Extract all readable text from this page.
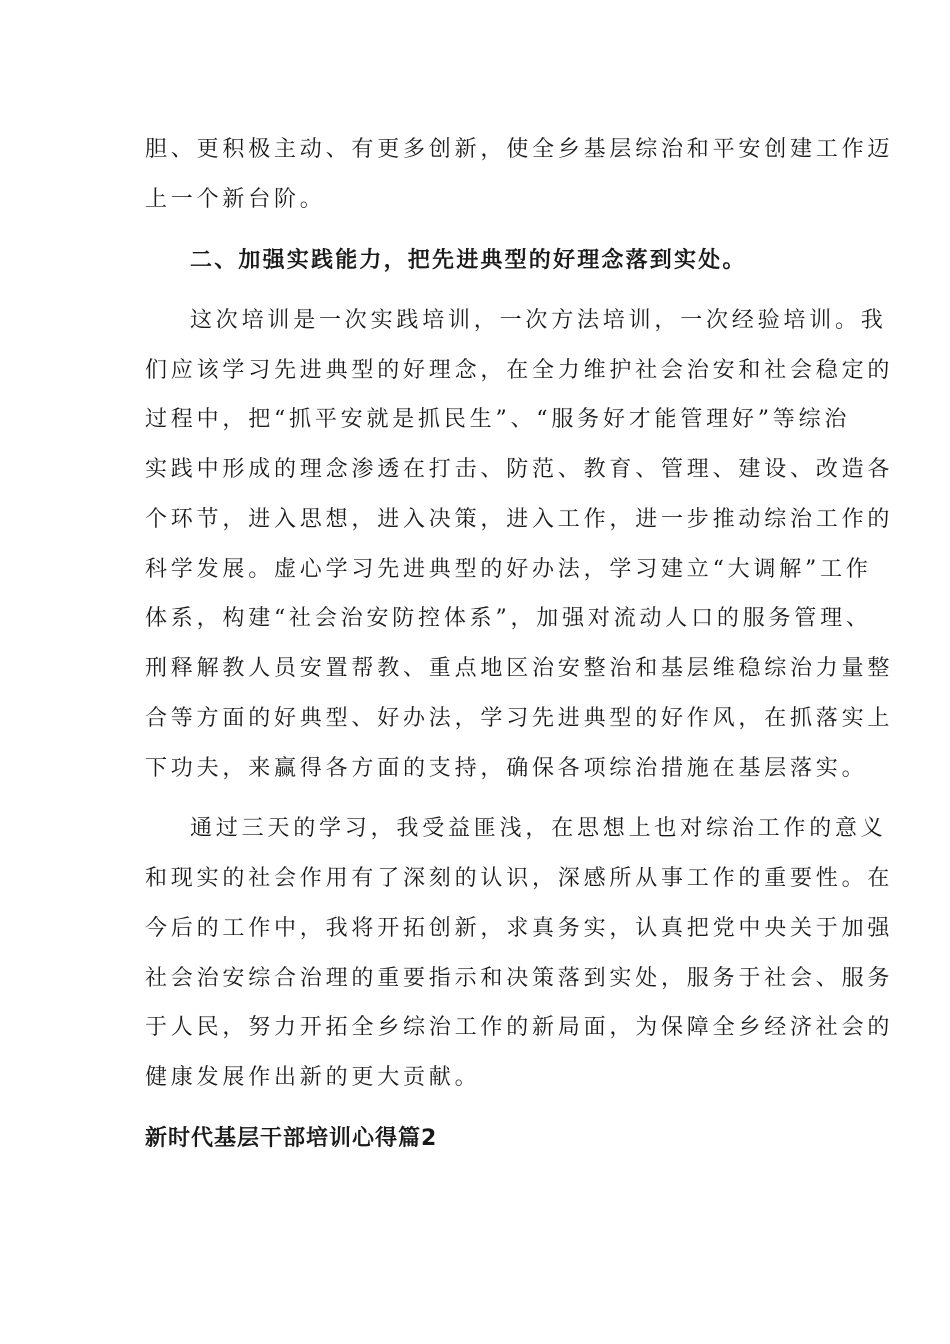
胆、更积极主动、有更多创新，使全乡基层综治和平安创建工作迈
上一个新台阶。
二、加强实践能力，把先进典型的好理念落到实处。
这次培训是一次实践培训，一次方法培训，一次经验培训。我
们应该学习先进典型的好理念，在全力维护社会治安和社会稳定的
过程中，把“抓平安就是抓民生”、“服务好才能管理好”等综治
实践中形成的理念渗透在打击、防范、教育、管理、建设、改造各
个环节，进入思想，进入决策，进入工作，进一步推动综治工作的
科学发展。虚心学习先进典型的好办法，学习建立“大调解”工作
体系，构建“社会治安防控体系”，加强对流动人口的服务管理、
刑释解教人员安置帮教、重点地区治安整治和基层维稳综治力量整
合等方面的好典型、好办法，学习先进典型的好作风，在抓落实上
下功夫，来赢得各方面的支持，确保各项综治措施在基层落实。
通过三天的学习，我受益匪浅，在思想上也对综治工作的意义
和现实的社会作用有了深刻的认识，深感所从事工作的重要性。在
今后的工作中，我将开拓创新，求真务实，认真把党中央关于加强
社会治安综合治理的重要指示和决策落到实处，服务于社会、服务
于人民，努力开拓全乡综治工作的新局面，为保障全乡经济社会的
健康发展作出新的更大贡献。
新时代基层干部培训心得篇2
